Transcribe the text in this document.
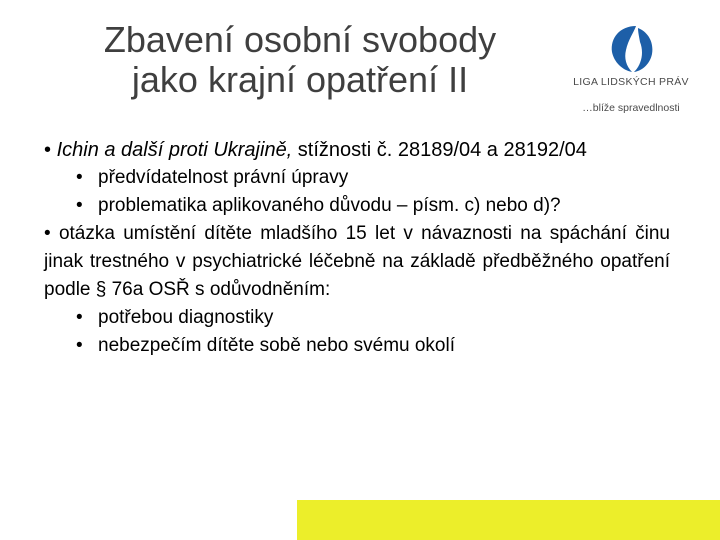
Zbavení osobní svobody
jako krajní opatření II	LIGA LIDSKÝCH PRÁV
…blíže spravedlnosti

• Ichin a další proti Ukrajině, stížnosti č. 28189/04 a 28192/04

• předvídatelnost právní úpravy
• problematika aplikovaného důvodu – písm. c) nebo d)?

• otázka umístění dítěte mladšího 15 let v návaznosti na spáchání činu jinak trestného v psychiatrické léčebně na základě předběžného opatření podle § 76a OSŘ s odůvodněním:

• potřebou diagnostiky
• nebezpečím dítěte sobě nebo svému okolí
